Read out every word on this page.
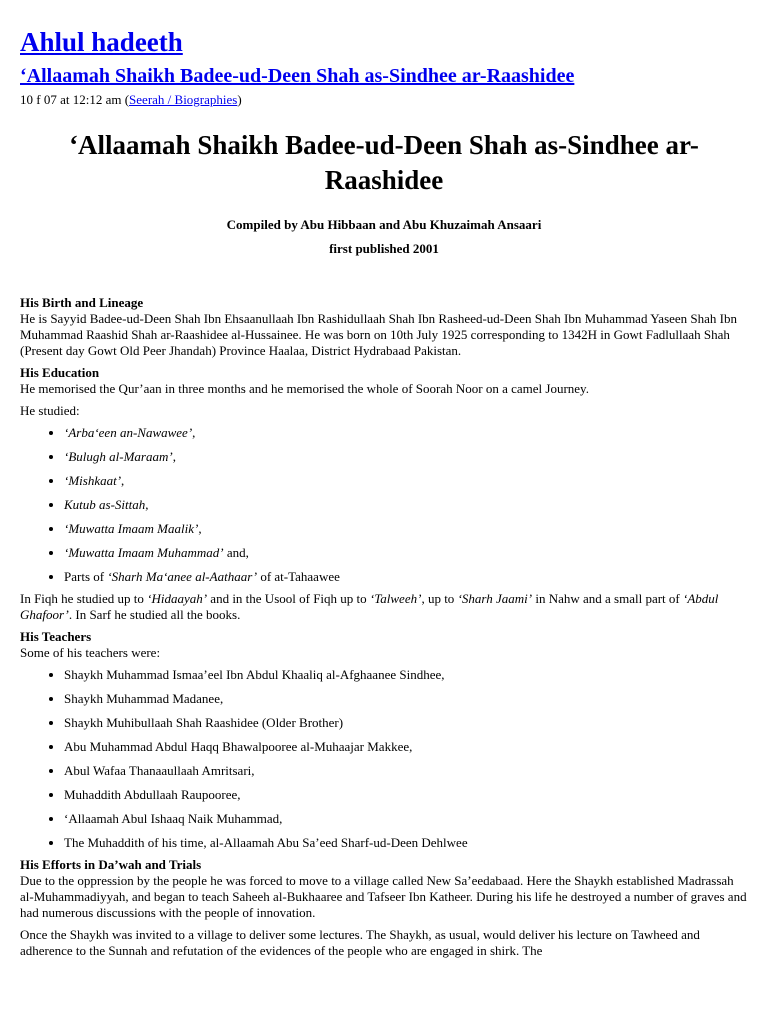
Ahlul hadeeth
‘Allaamah Shaikh Badee-ud-Deen Shah as-Sindhee ar-Raashidee
10 f 07 at 12:12 am (Seerah / Biographies)
‘Allaamah Shaikh Badee-ud-Deen Shah as-Sindhee ar-Raashidee

Compiled by Abu Hibbaan and Abu Khuzaimah Ansaari

first published 2001

His Birth and Lineage

He is Sayyid Badee-ud-Deen Shah Ibn Ehsaanullaah Ibn Rashidullaah Shah Ibn Rasheed-ud-Deen Shah Ibn Muhammad Yaseen Shah Ibn Muhammad Raashid Shah ar-Raashidee al-Hussainee. He was born on 10th July 1925 corresponding to 1342H in Gowt Fadlullaah Shah (Present day Gowt Old Peer Jhandah) Province Haalaa, District Hydrabaad Pakistan.

His Education

He memorised the Qur’aan in three months and he memorised the whole of Soorah Noor on a camel Journey.

He studied:

• ‘Arba‘een an-Nawawee’,
• ‘Bulugh al-Maraam’,
• ‘Mishkaat’,
• Kutub as-Sittah,
• ‘Muwatta Imaam Maalik’,
• ‘Muwatta Imaam Muhammad’ and,
• Parts of ‘Sharh Ma‘anee al-Aathaar’ of at-Tahaawee

In Fiqh he studied up to ‘Hidaayah’ and in the Usool of Fiqh up to ‘Talweeh’, up to ‘Sharh Jaami’ in Nahw and a small part of ‘Abdul Ghafoor’. In Sarf he studied all the books.

His Teachers

Some of his teachers were:

• Shaykh Muhammad Ismaa’eel Ibn Abdul Khaaliq al-Afghaanee Sindhee,
• Shaykh Muhammad Madanee,
• Shaykh Muhibullaah Shah Raashidee (Older Brother)
• Abu Muhammad Abdul Haqq Bhawalpooree al-Muhaajar Makkee,
• Abul Wafaa Thanaaullaah Amritsari,
• Muhaddith Abdullaah Raupooree,
• ‘Allaamah Abul Ishaaq Naik Muhammad,
• The Muhaddith of his time, al-Allaamah Abu Sa’eed Sharf-ud-Deen Dehlwee
His Efforts in Da’wah and Trials

Due to the oppression by the people he was forced to move to a village called New Sa’eedabaad. Here the Shaykh established Madrassah al-Muhammadiyyah, and began to teach Saheeh al-Bukhaaree and Tafseer Ibn Katheer. During his life he destroyed a number of graves and had numerous discussions with the people of innovation.

Once the Shaykh was invited to a village to deliver some lectures. The Shaykh, as usual, would deliver his lecture on Tawheed and adherence to the Sunnah and refutation of the evidences of the people who are engaged in shirk. The
